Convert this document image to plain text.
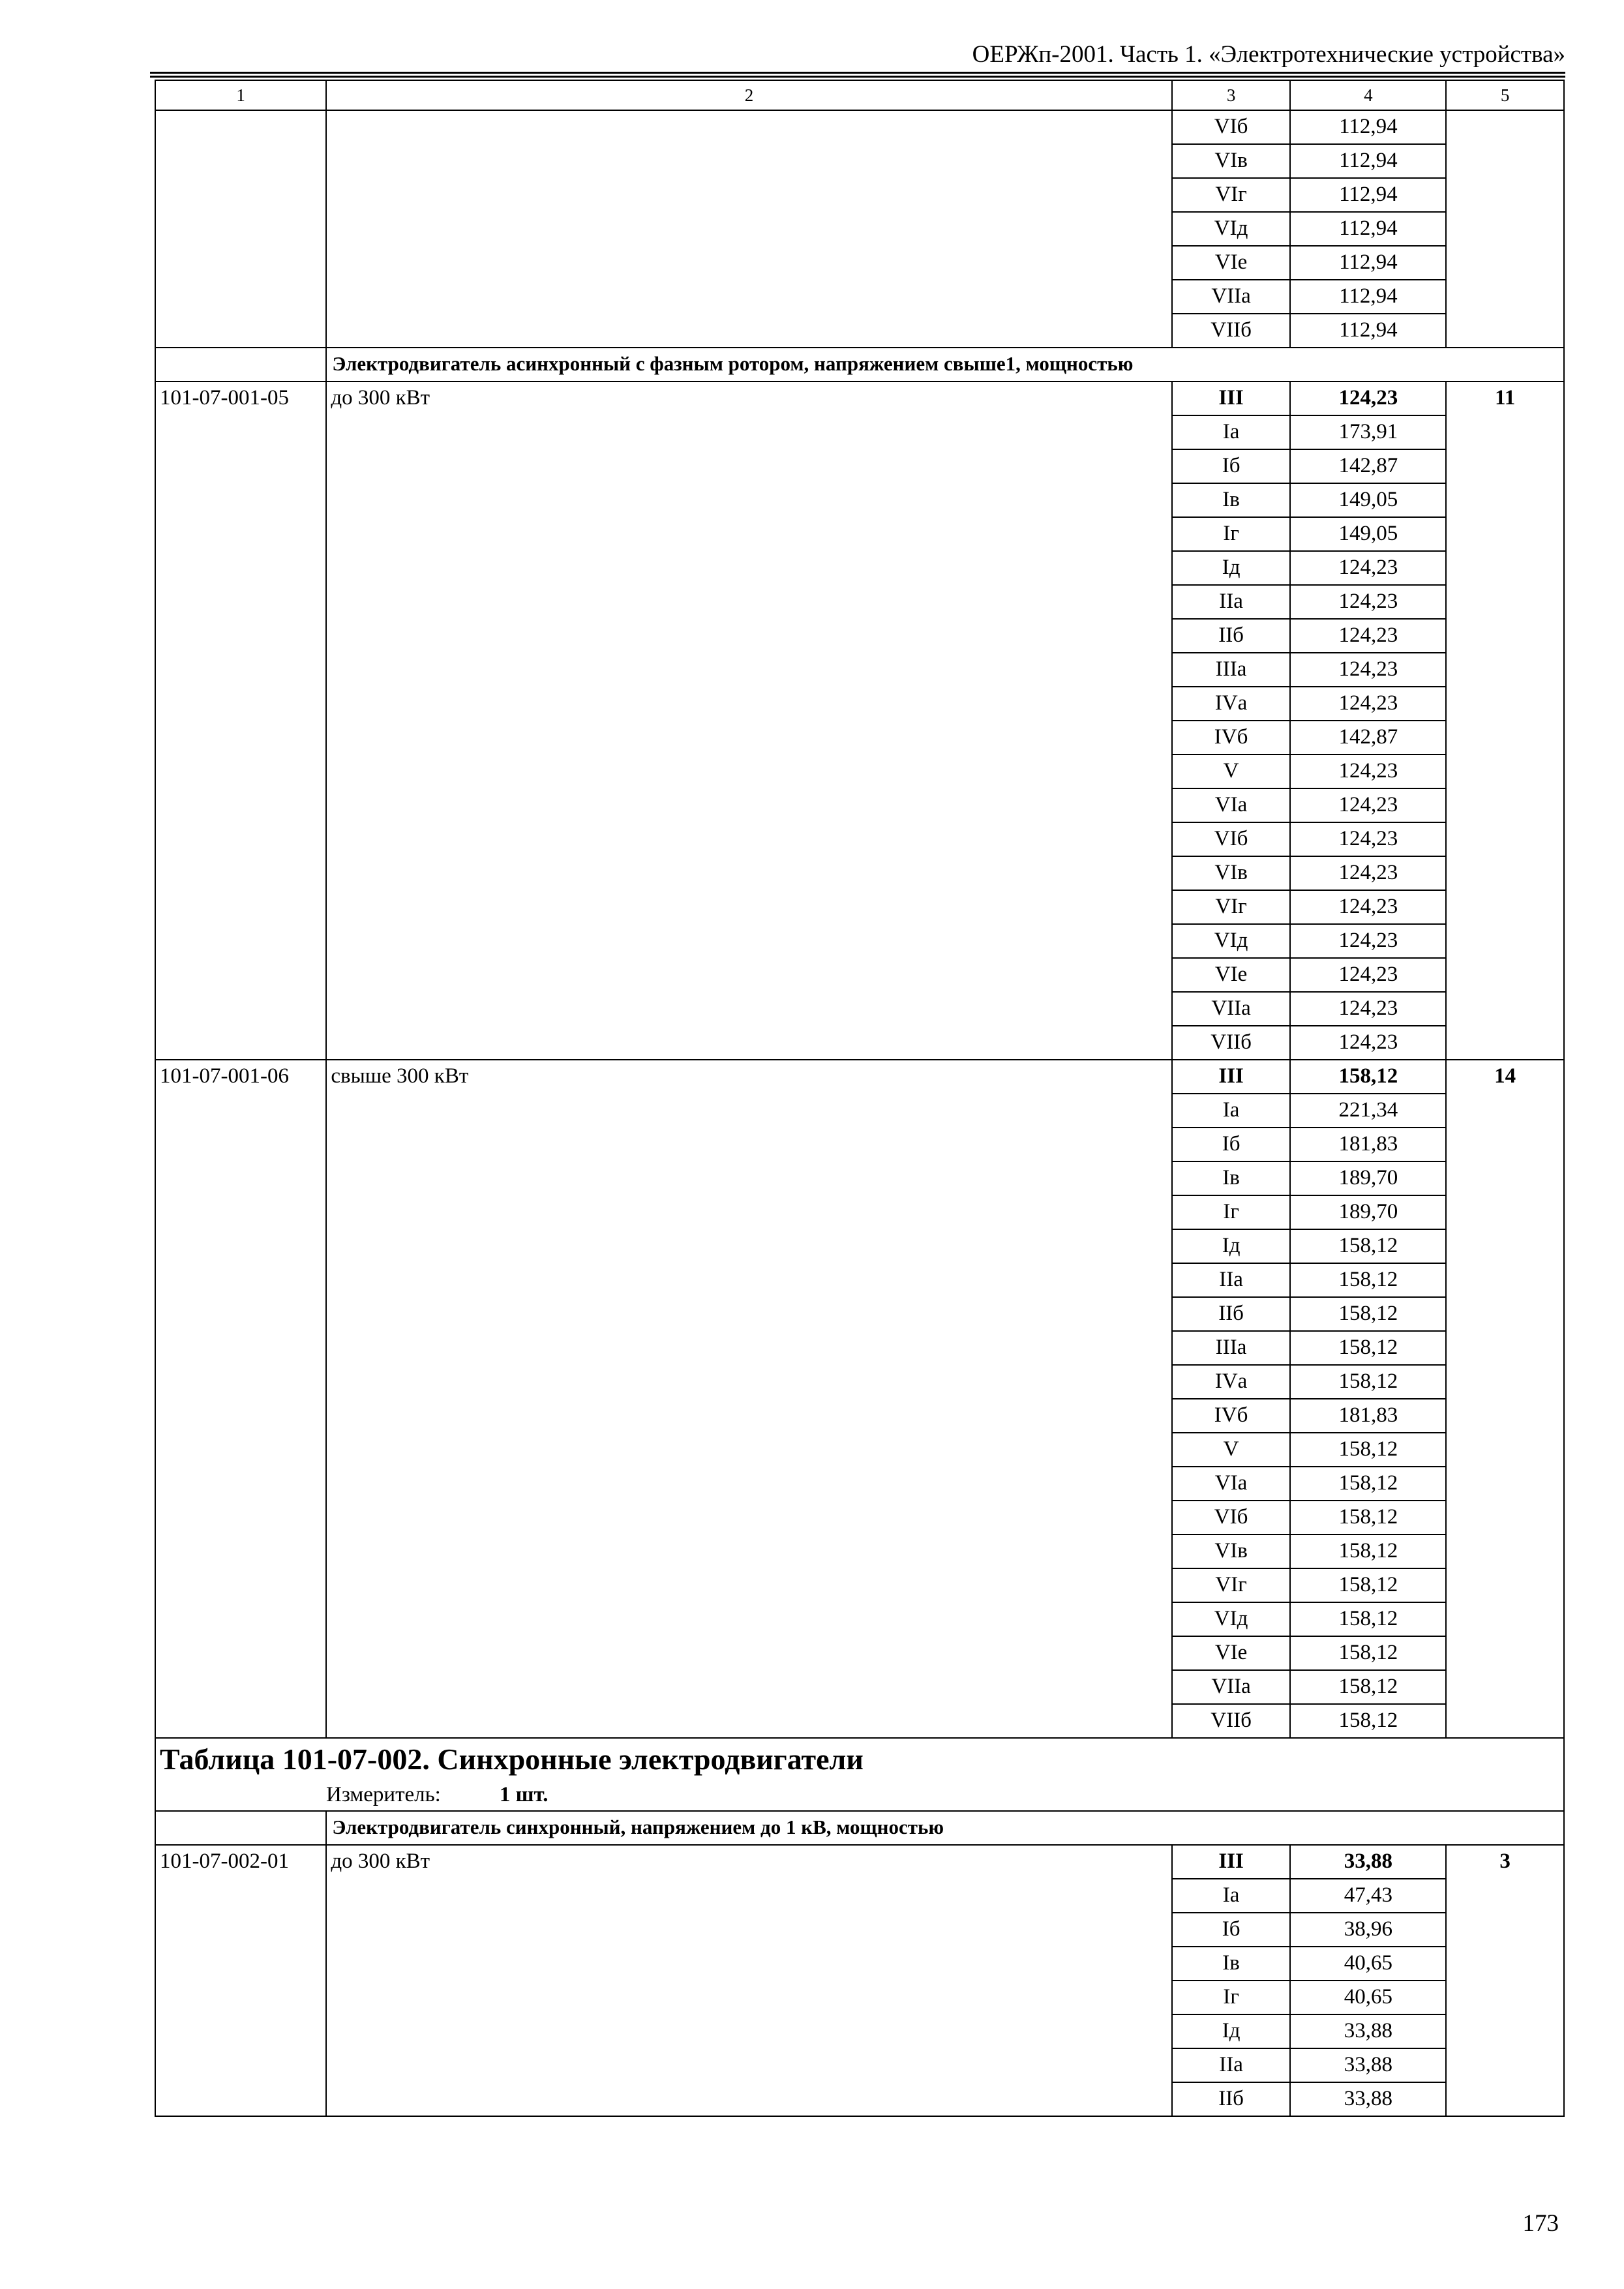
ОЕРЖп-2001. Часть 1. «Электротехнические устройства»
1	2	3	4	5
		VIб	112,94	
		VIв	112,94	
		VIг	112,94	
		VIд	112,94	
		VIе	112,94	
		VIIа	112,94	
		VIIб	112,94	
	Электродвигатель асинхронный с фазным ротором, напряжением свыше1, мощностью			
101-07-001-05	до 300 кВт	III	124,23	11
		Iа	173,91	
		Iб	142,87	
		Iв	149,05	
		Iг	149,05	
		Iд	124,23	
		IIа	124,23	
		IIб	124,23	
		IIIа	124,23	
		IVа	124,23	
		IVб	142,87	
		V	124,23	
		VIа	124,23	
		VIб	124,23	
		VIв	124,23	
		VIг	124,23	
		VIд	124,23	
		VIе	124,23	
		VIIа	124,23	
		VIIб	124,23	
101-07-001-06	свыше 300 кВт	III	158,12	14
		Iа	221,34	
		Iб	181,83	
		Iв	189,70	
		Iг	189,70	
		Iд	158,12	
		IIа	158,12	
		IIб	158,12	
		IIIа	158,12	
		IVа	158,12	
		IVб	181,83	
		V	158,12	
		VIа	158,12	
		VIб	158,12	
		VIв	158,12	
		VIг	158,12	
		VIд	158,12	
		VIе	158,12	
		VIIа	158,12	
		VIIб	158,12	

Таблица 101-07-002. Синхронные электродвигатели
Измеритель: 1 шт.				

	Электродвигатель синхронный, напряжением до 1 кВ, мощностью			
101-07-002-01	до 300 кВт	III	33,88	3
		Iа	47,43	
		Iб	38,96	
		Iв	40,65	
		Iг	40,65	
		Iд	33,88	
		IIа	33,88	
		IIб	33,88	
173
